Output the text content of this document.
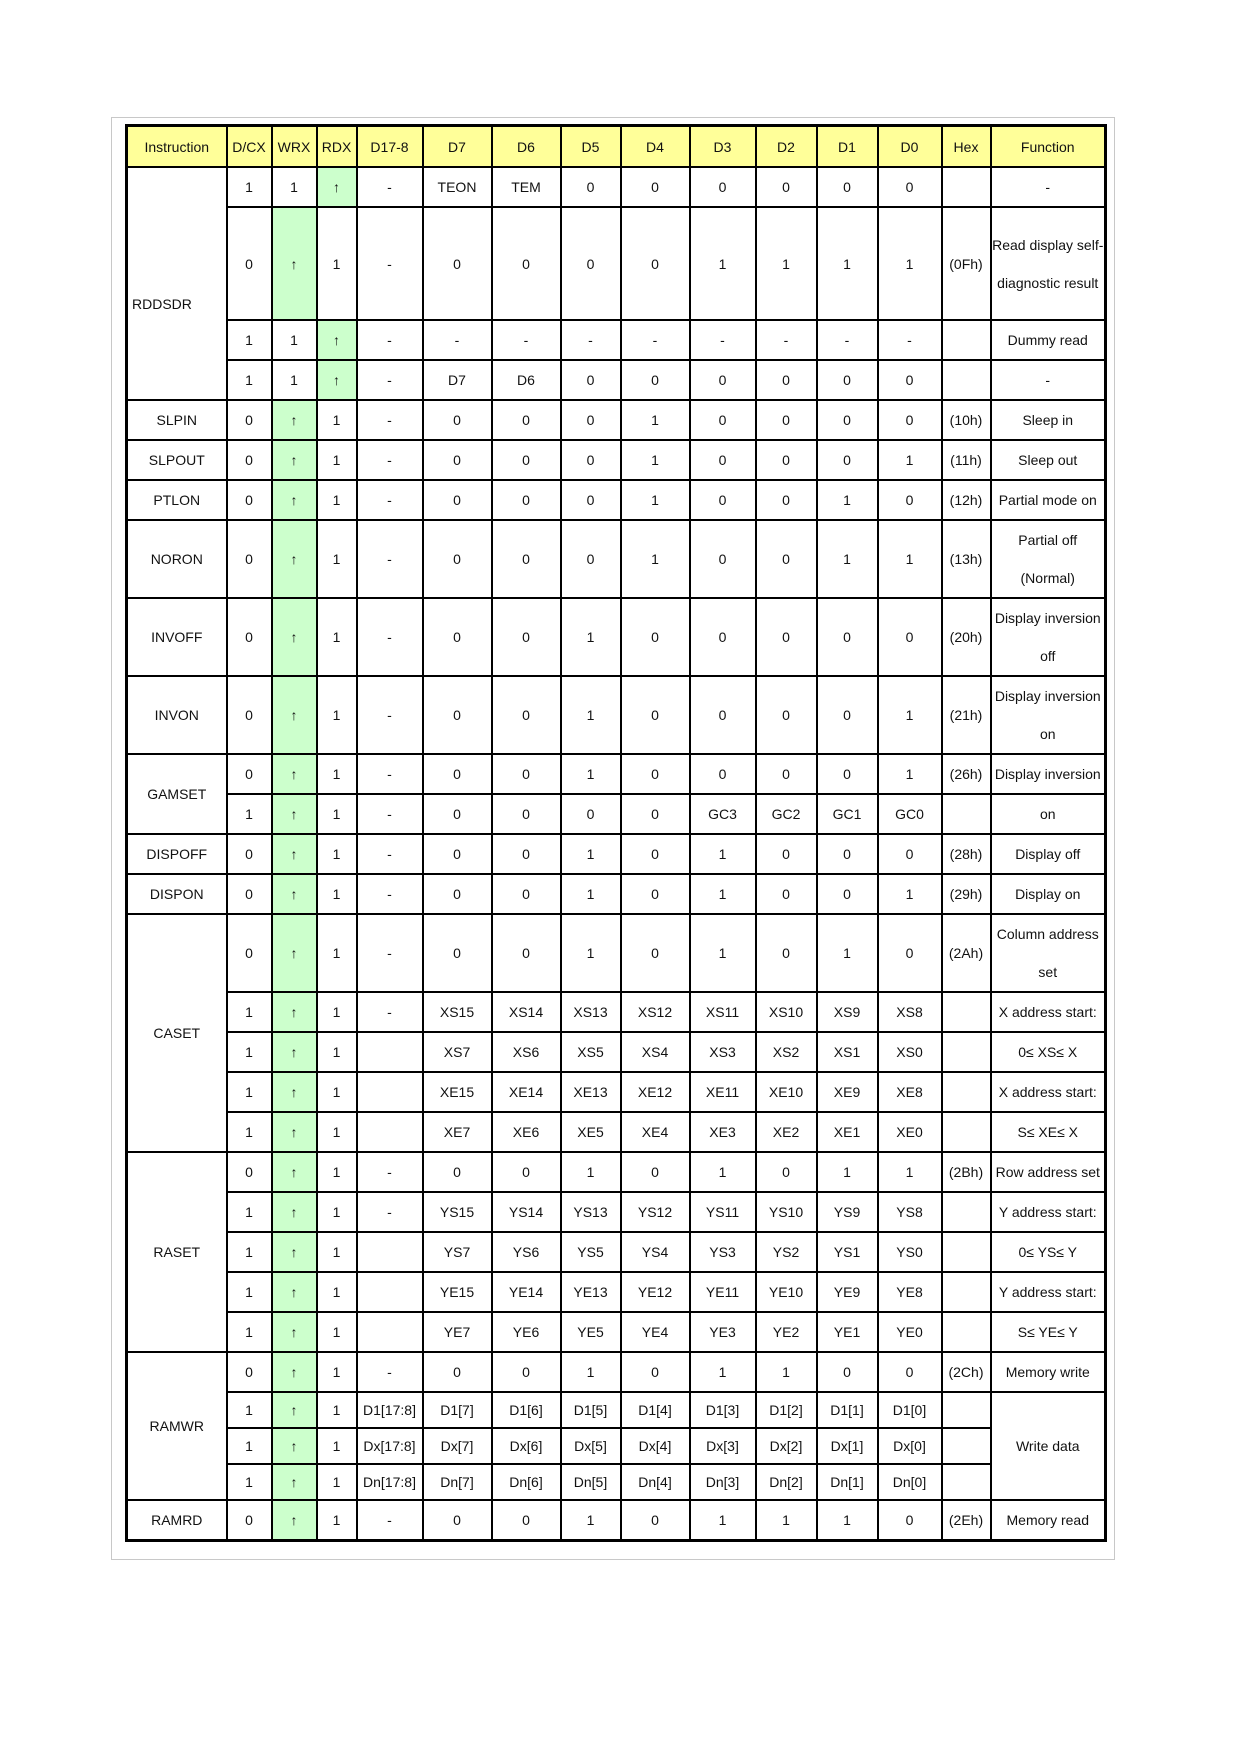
Instruction	D/CX	WRX	RDX	D17-8	D7	D6	D5	D4	D3	D2	D1	D0	Hex	Function
RDDSDR	1	1	↑	-	TEON	TEM	0	0	0	0	0	0		-
	0	↑	1	-	0	0	0	0	1	1	1	1	(0Fh)	Read display self-diagnostic result
	1	1	↑	-	-	-	-	-	-	-	-	-		Dummy read
	1	1	↑	-	D7	D6	0	0	0	0	0	0		-
SLPIN	0	↑	1	-	0	0	0	1	0	0	0	0	(10h)	Sleep in
SLPOUT	0	↑	1	-	0	0	0	1	0	0	0	1	(11h)	Sleep out
PTLON	0	↑	1	-	0	0	0	1	0	0	1	0	(12h)	Partial mode on
NORON	0	↑	1	-	0	0	0	1	0	0	1	1	(13h)	Partial off (Normal)
INVOFF	0	↑	1	-	0	0	1	0	0	0	0	0	(20h)	Display inversion off
INVON	0	↑	1	-	0	0	1	0	0	0	0	1	(21h)	Display inversion on
GAMSET	0	↑	1	-	0	0	1	0	0	0	0	1	(26h)	Display inversion
	1	↑	1	-	0	0	0	0	GC3	GC2	GC1	GC0		on
DISPOFF	0	↑	1	-	0	0	1	0	1	0	0	0	(28h)	Display off
DISPON	0	↑	1	-	0	0	1	0	1	0	0	1	(29h)	Display on
CASET	0	↑	1	-	0	0	1	0	1	0	1	0	(2Ah)	Column address set
	1	↑	1	-	XS15	XS14	XS13	XS12	XS11	XS10	XS9	XS8		X address start:
	1	↑	1		XS7	XS6	XS5	XS4	XS3	XS2	XS1	XS0		0≤ XS≤ X
	1	↑	1		XE15	XE14	XE13	XE12	XE11	XE10	XE9	XE8		X address start:
	1	↑	1		XE7	XE6	XE5	XE4	XE3	XE2	XE1	XE0		S≤ XE≤ X
RASET	0	↑	1	-	0	0	1	0	1	0	1	1	(2Bh)	Row address set
	1	↑	1	-	YS15	YS14	YS13	YS12	YS11	YS10	YS9	YS8		Y address start:
	1	↑	1		YS7	YS6	YS5	YS4	YS3	YS2	YS1	YS0		0≤ YS≤ Y
	1	↑	1		YE15	YE14	YE13	YE12	YE11	YE10	YE9	YE8		Y address start:
	1	↑	1		YE7	YE6	YE5	YE4	YE3	YE2	YE1	YE0		S≤ YE≤ Y
RAMWR	0	↑	1	-	0	0	1	0	1	1	0	0	(2Ch)	Memory write
	1	↑	1	D1[17:8]	D1[7]	D1[6]	D1[5]	D1[4]	D1[3]	D1[2]	D1[1]	D1[0]		Write data
	1	↑	1	Dx[17:8]	Dx[7]	Dx[6]	Dx[5]	Dx[4]	Dx[3]	Dx[2]	Dx[1]	Dx[0]		
	1	↑	1	Dn[17:8]	Dn[7]	Dn[6]	Dn[5]	Dn[4]	Dn[3]	Dn[2]	Dn[1]	Dn[0]		
RAMRD	0	↑	1	-	0	0	1	0	1	1	1	0	(2Eh)	Memory read
